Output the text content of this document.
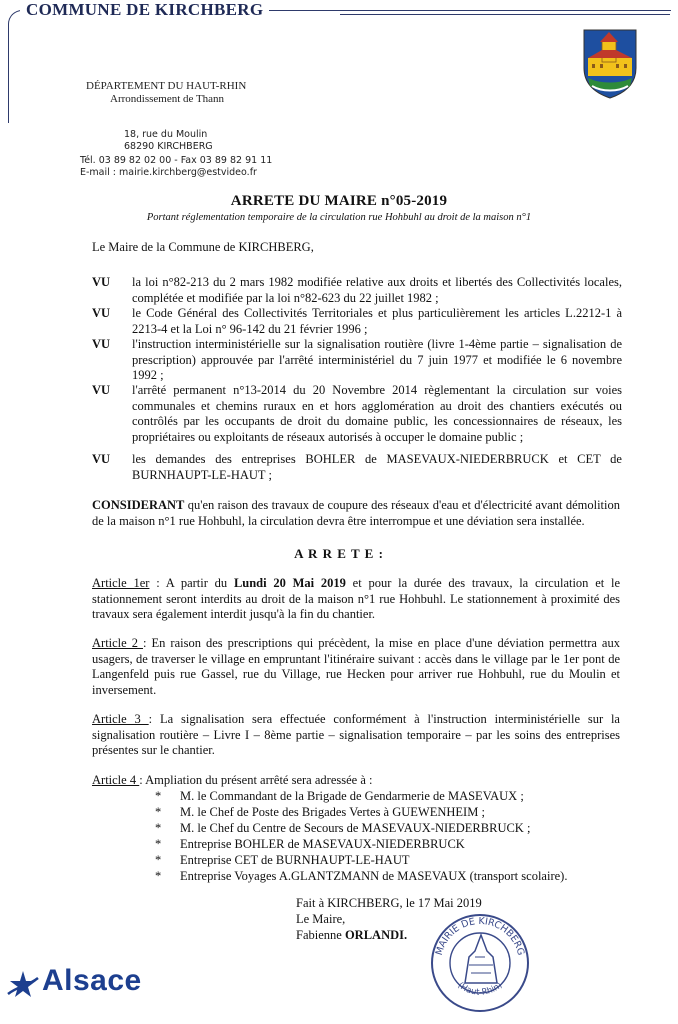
COMMUNE DE KIRCHBERG
DÉPARTEMENT DU HAUT-RHIN
Arrondissement de Thann
18, rue du Moulin
68290 KIRCHBERG
Tél. 03 89 82 02 00 - Fax 03 89 82 91 11
E-mail : mairie.kirchberg@estvideo.fr
ARRETE DU MAIRE n°05-2019
Portant réglementation temporaire de la circulation rue Hohbuhl au droit de la maison n°1
Le Maire de la Commune de KIRCHBERG,
VU la loi n°82-213 du 2 mars 1982 modifiée relative aux droits et libertés des Collectivités locales, complétée et modifiée par la loi n°82-623 du 22 juillet 1982 ;
VU le Code Général des Collectivités Territoriales et plus particulièrement les articles L.2212-1 à 2213-4 et la Loi n° 96-142 du 21 février 1996 ;
VU l'instruction interministérielle sur la signalisation routière (livre 1-4ème partie – signalisation de prescription) approuvée par l'arrêté interministériel du 7 juin 1977 et modifiée le 6 novembre 1992 ;
VU l'arrêté permanent n°13-2014 du 20 Novembre 2014 règlementant la circulation sur voies communales et chemins ruraux en et hors agglomération au droit des chantiers exécutés ou contrôlés par les occupants de droit du domaine public, les concessionnaires de réseaux, les propriétaires ou exploitants de réseaux autorisés à occuper le domaine public ;
VU les demandes des entreprises BOHLER de MASEVAUX-NIEDERBRUCK et CET de BURNHAUPT-LE-HAUT ;
CONSIDERANT qu'en raison des travaux de coupure des réseaux d'eau et d'électricité avant démolition de la maison n°1 rue Hohbuhl, la circulation devra être interrompue et une déviation sera installée.
A R R E T E :
Article 1er : A partir du Lundi 20 Mai 2019 et pour la durée des travaux, la circulation et le stationnement seront interdits au droit de la maison n°1 rue Hohbuhl. Le stationnement à proximité des travaux sera également interdit jusqu'à la fin du chantier.
Article 2 : En raison des prescriptions qui précèdent, la mise en place d'une déviation permettra aux usagers, de traverser le village en empruntant l'itinéraire suivant : accès dans le village par le 1er pont de Langenfeld puis rue Gassel, rue du Village, rue Hecken pour arriver rue Hohbuhl, rue du Moulin et inversement.
Article 3 : La signalisation sera effectuée conformément à l'instruction interministérielle sur la signalisation routière – Livre I – 8ème partie – signalisation temporaire – par les soins des entreprises présentes sur le chantier.
Article 4 : Ampliation du présent arrêté sera adressée à :
* M. le Commandant de la Brigade de Gendarmerie de MASEVAUX ;
* M. le Chef de Poste des Brigades Vertes à GUEWENHEIM ;
* M. le Chef du Centre de Secours de MASEVAUX-NIEDERBRUCK ;
* Entreprise BOHLER de MASEVAUX-NIEDERBRUCK
* Entreprise CET de BURNHAUPT-LE-HAUT
* Entreprise Voyages A.GLANTZMANN de MASEVAUX (transport scolaire).
Fait à KIRCHBERG, le 17 Mai 2019
Le Maire,
Fabienne ORLANDI.
MAIRIE DE KIRCHBERG
(Haut-Rhin)
Alsace
